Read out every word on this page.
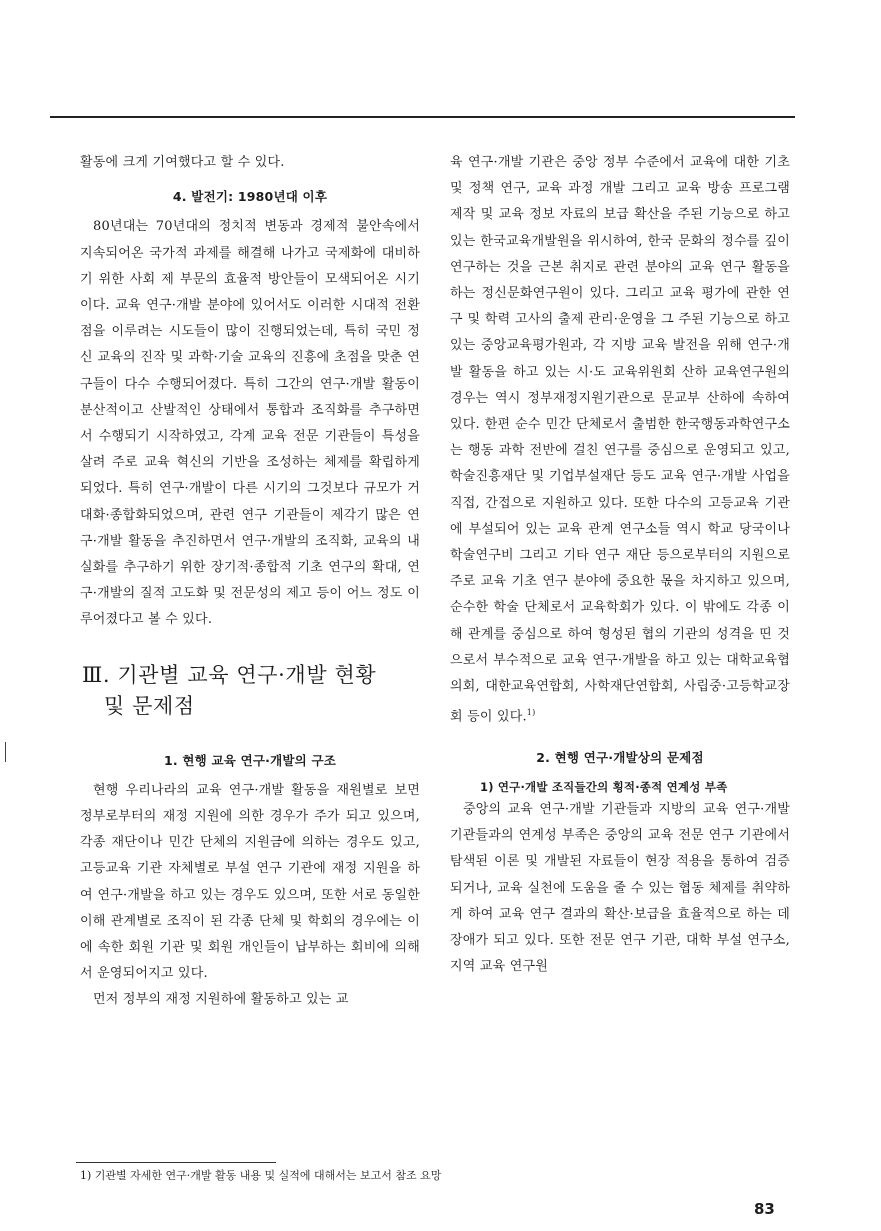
활동에 크게 기여했다고 할 수 있다.

4. 발전기: 1980년대 이후

80년대는 70년대의 정치적 변동과 경제적 불안속에서 지속되어온 국가적 과제를 해결해 나가고 국제화에 대비하기 위한 사회 제 부문의 효율적 방안들이 모색되어온 시기이다. 교육 연구·개발 분야에 있어서도 이러한 시대적 전환점을 이루려는 시도들이 많이 진행되었는데, 특히 국민 정신 교육의 진작 및 과학·기술 교육의 진흥에 초점을 맞춘 연구들이 다수 수행되어졌다. 특히 그간의 연구·개발 활동이 분산적이고 산발적인 상태에서 통합과 조직화를 추구하면서 수행되기 시작하였고, 각계 교육 전문 기관들이 특성을 살려 주로 교육 혁신의 기반을 조성하는 체제를 확립하게 되었다. 특히 연구·개발이 다른 시기의 그것보다 규모가 거대화·종합화되었으며, 관련 연구 기관들이 제각기 많은 연구·개발 활동을 추진하면서 연구·개발의 조직화, 교육의 내실화를 추구하기 위한 장기적·종합적 기초 연구의 확대, 연구·개발의 질적 고도화 및 전문성의 제고 등이 어느 정도 이루어졌다고 볼 수 있다.

Ⅲ. 기관별 교육 연구·개발 현황
및 문제점

1. 현행 교육 연구·개발의 구조

현행 우리나라의 교육 연구·개발 활동을 재원별로 보면 정부로부터의 재정 지원에 의한 경우가 주가 되고 있으며, 각종 재단이나 민간 단체의 지원금에 의하는 경우도 있고, 고등교육 기관 자체별로 부설 연구 기관에 재정 지원을 하여 연구·개발을 하고 있는 경우도 있으며, 또한 서로 동일한 이해 관계별로 조직이 된 각종 단체 및 학회의 경우에는 이에 속한 회원 기관 및 회원 개인들이 납부하는 회비에 의해서 운영되어지고 있다.

먼저 정부의 재정 지원하에 활동하고 있는 교

육 연구·개발 기관은 중앙 정부 수준에서 교육에 대한 기초 및 정책 연구, 교육 과정 개발 그리고 교육 방송 프로그램 제작 및 교육 정보 자료의 보급 확산을 주된 기능으로 하고 있는 한국교육개발원을 위시하여, 한국 문화의 정수를 깊이 연구하는 것을 근본 취지로 관련 분야의 교육 연구 활동을 하는 정신문화연구원이 있다. 그리고 교육 평가에 관한 연구 및 학력 고사의 출제 관리·운영을 그 주된 기능으로 하고 있는 중앙교육평가원과, 각 지방 교육 발전을 위해 연구·개발 활동을 하고 있는 시·도 교육위원회 산하 교육연구원의 경우는 역시 정부재정지원기관으로 문교부 산하에 속하여 있다. 한편 순수 민간 단체로서 출범한 한국행동과학연구소는 행동 과학 전반에 걸친 연구를 중심으로 운영되고 있고, 학술진흥재단 및 기업부설재단 등도 교육 연구·개발 사업을 직접, 간접으로 지원하고 있다. 또한 다수의 고등교육 기관에 부설되어 있는 교육 관계 연구소들 역시 학교 당국이나 학술연구비 그리고 기타 연구 재단 등으로부터의 지원으로 주로 교육 기초 연구 분야에 중요한 몫을 차지하고 있으며, 순수한 학술 단체로서 교육학회가 있다. 이 밖에도 각종 이해 관계를 중심으로 하여 형성된 협의 기관의 성격을 띤 것으로서 부수적으로 교육 연구·개발을 하고 있는 대학교육협의회, 대한교육연합회, 사학재단연합회, 사립중·고등학교장회 등이 있다.$^{1)}$

2. 현행 연구·개발상의 문제점

1) 연구·개발 조직들간의 횡적·종적 연계성 부족

중앙의 교육 연구·개발 기관들과 지방의 교육 연구·개발 기관들과의 연계성 부족은 중앙의 교육 전문 연구 기관에서 탐색된 이론 및 개발된 자료들이 현장 적용을 통하여 검증되거나, 교육 실천에 도움을 줄 수 있는 협동 체제를 취약하게 하여 교육 연구 결과의 확산·보급을 효율적으로 하는 데 장애가 되고 있다. 또한 전문 연구 기관, 대학 부설 연구소, 지역 교육 연구원

1) 기관별 자세한 연구·개발 활동 내용 및 실적에 대해서는 보고서 참조 요망
83
